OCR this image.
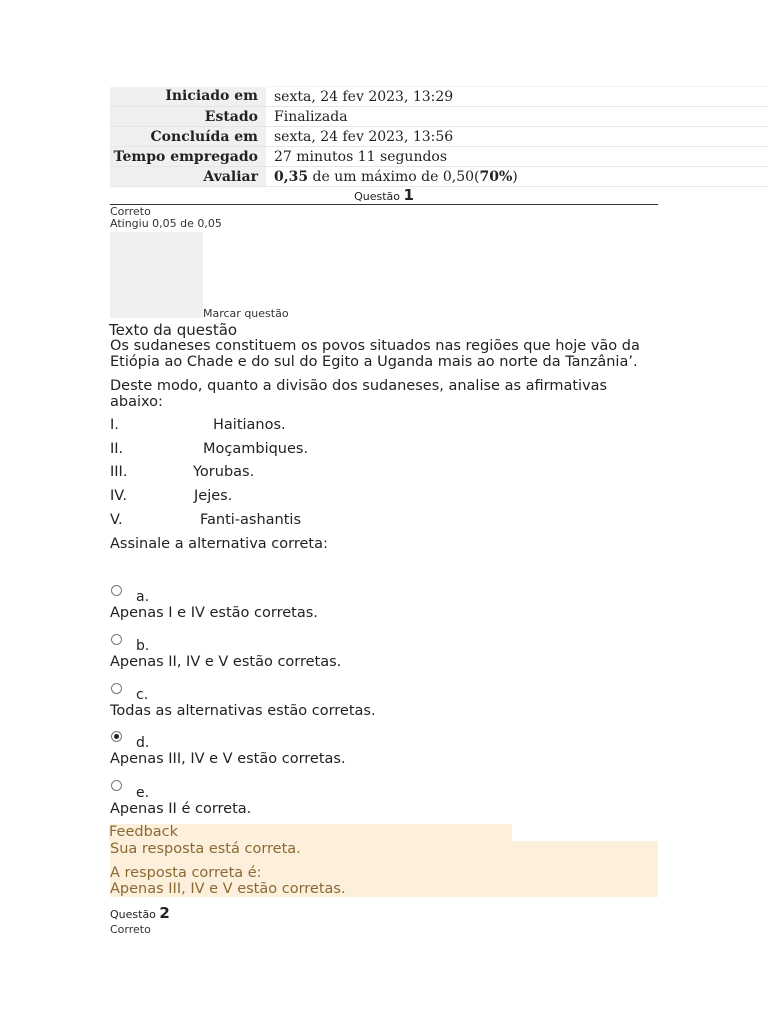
Iniciado em	sexta, 24 fev 2023, 13:29
Estado	Finalizada
Concluída em	sexta, 24 fev 2023, 13:56
Tempo empregado	27 minutos 11 segundos
Avaliar	0,35 de um máximo de 0,50(70%)
Questão 1
Correto
Atingiu 0,05 de 0,05
Marcar questão
Texto da questão
Os sudaneses constituem os povos situados nas regiões que hoje vão da Etiópia ao Chade e do sul do Egito a Uganda mais ao norte da Tanzânia’.
Deste modo, quanto a divisão dos sudaneses, analise as afirmativas abaixo:
I.	Haitianos.
II.	Moçambiques.
III.	Yorubas.
IV.	Jejes.
V.	Fanti-ashantis
Assinale a alternativa correta:
a.
Apenas I e IV estão corretas.
b.
Apenas II, IV e V estão corretas.
c.
Todas as alternativas estão corretas.
d.
Apenas III, IV e V estão corretas.
e.
Apenas II é correta.
Feedback
Sua resposta está correta.
A resposta correta é:
Apenas III, IV e V estão corretas.
Questão 2
Correto
